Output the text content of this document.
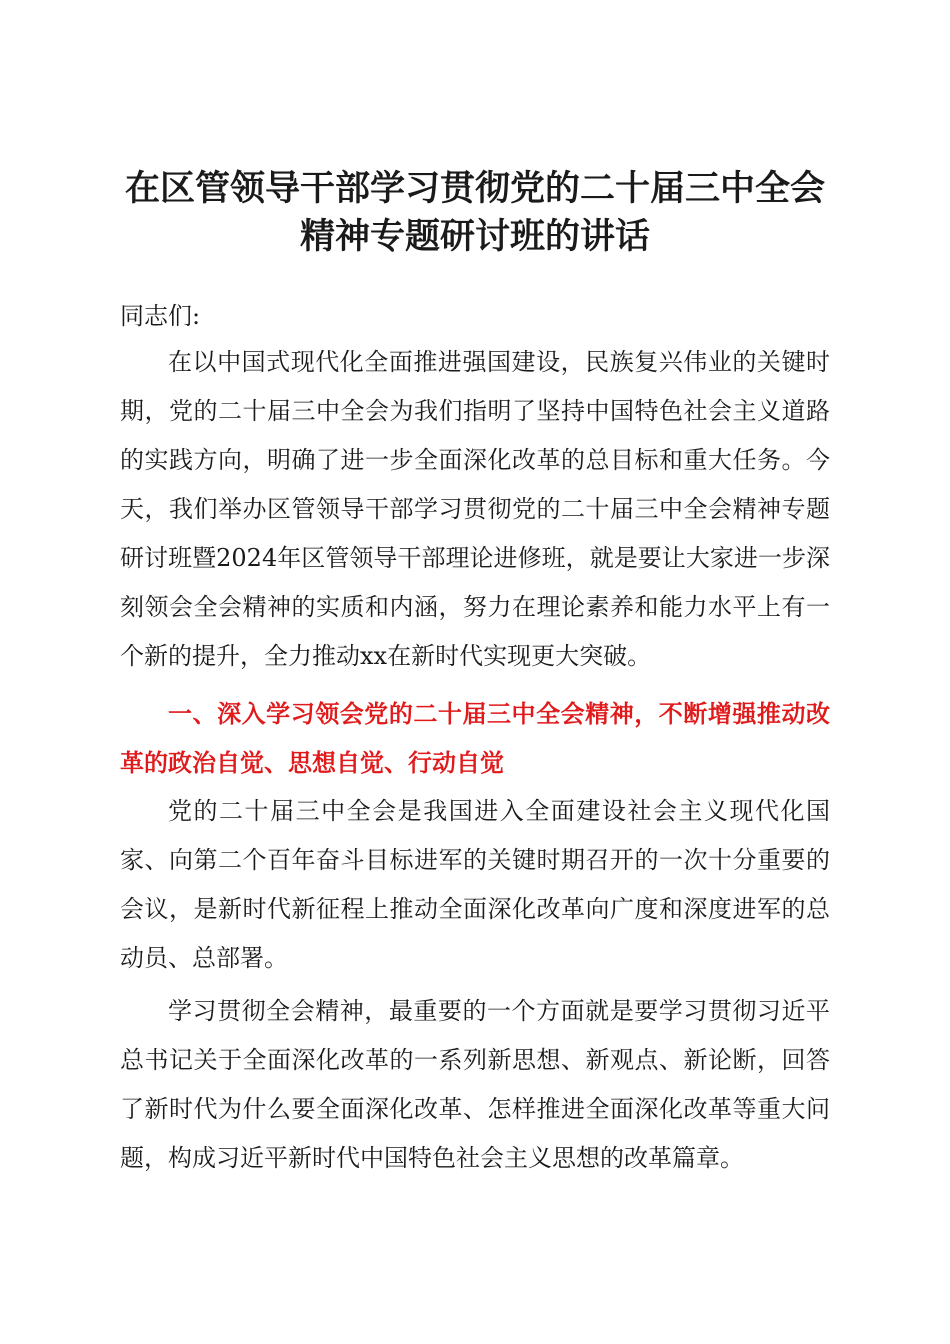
在区管领导干部学习贯彻党的二十届三中全会
精神专题研讨班的讲话
同志们:
在以中国式现代化全面推进强国建设，民族复兴伟业的关键时期，党的二十届三中全会为我们指明了坚持中国特色社会主义道路的实践方向，明确了进一步全面深化改革的总目标和重大任务。今天，我们举办区管领导干部学习贯彻党的二十届三中全会精神专题研讨班暨2024年区管领导干部理论进修班，就是要让大家进一步深刻领会全会精神的实质和内涵，努力在理论素养和能力水平上有一个新的提升，全力推动xx在新时代实现更大突破。
一、深入学习领会党的二十届三中全会精神，不断增强推动改革的政治自觉、思想自觉、行动自觉
党的二十届三中全会是我国进入全面建设社会主义现代化国家、向第二个百年奋斗目标进军的关键时期召开的一次十分重要的会议，是新时代新征程上推动全面深化改革向广度和深度进军的总动员、总部署。
学习贯彻全会精神，最重要的一个方面就是要学习贯彻习近平总书记关于全面深化改革的一系列新思想、新观点、新论断，回答了新时代为什么要全面深化改革、怎样推进全面深化改革等重大问题，构成习近平新时代中国特色社会主义思想的改革篇章。
